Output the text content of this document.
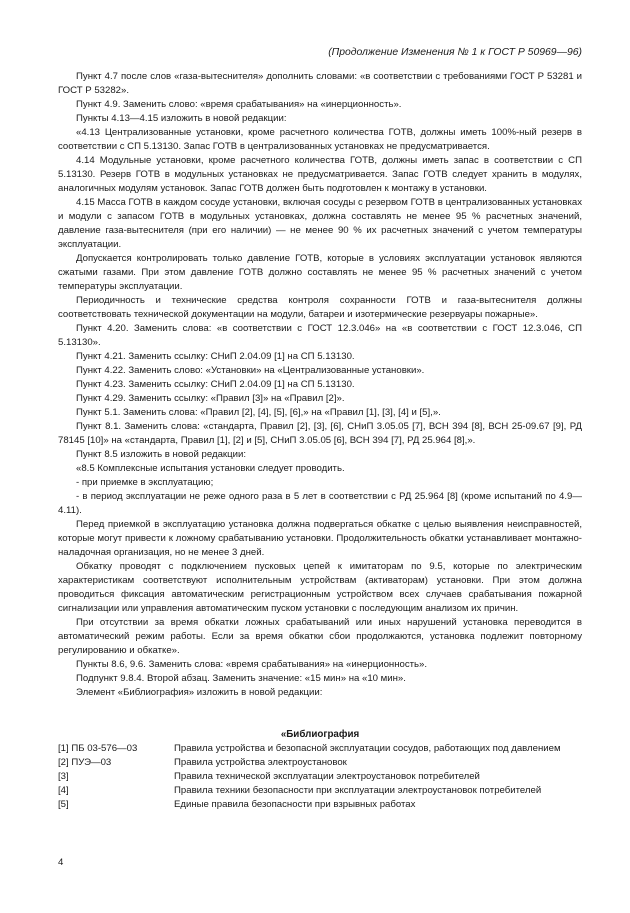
(Продолжение Изменения № 1 к ГОСТ Р 50969—96)

Пункт 4.7 после слов «газа-вытеснителя» дополнить словами: «в соответствии с требованиями ГОСТ Р 53281 и ГОСТ Р 53282».

Пункт 4.9. Заменить слово: «время срабатывания» на «инерционность».

Пункты 4.13—4.15 изложить в новой редакции:

«4.13 Централизованные установки, кроме расчетного количества ГОТВ, должны иметь 100%-ный резерв в соответствии с СП 5.13130. Запас ГОТВ в централизованных установках не предусматривается.

4.14 Модульные установки, кроме расчетного количества ГОТВ, должны иметь запас в соответствии с СП 5.13130. Резерв ГОТВ в модульных установках не предусматривается. Запас ГОТВ следует хранить в модулях, аналогичных модулям установок. Запас ГОТВ должен быть подготовлен к монтажу в установки.

4.15 Масса ГОТВ в каждом сосуде установки, включая сосуды с резервом ГОТВ в централизованных установках и модули с запасом ГОТВ в модульных установках, должна составлять не менее 95 % расчетных значений, давление газа-вытеснителя (при его наличии) — не менее 90 % их расчетных значений с учетом температуры эксплуатации.

Допускается контролировать только давление ГОТВ, которые в условиях эксплуатации установок являются сжатыми газами. При этом давление ГОТВ должно составлять не менее 95 % расчетных значений с учетом температуры эксплуатации.

Периодичность и технические средства контроля сохранности ГОТВ и газа-вытеснителя должны соответствовать технической документации на модули, батареи и изотермические резервуары пожарные».

Пункт 4.20. Заменить слова: «в соответствии с ГОСТ 12.3.046» на «в соответствии с ГОСТ 12.3.046, СП 5.13130».

Пункт 4.21. Заменить ссылку: СНиП 2.04.09 [1] на СП 5.13130.

Пункт 4.22. Заменить слово: «Установки» на «Централизованные установки».

Пункт 4.23. Заменить ссылку: СНиП 2.04.09 [1] на СП 5.13130.

Пункт 4.29. Заменить ссылку: «Правил [3]» на «Правил [2]».

Пункт 5.1. Заменить слова: «Правил [2], [4], [5], [6],» на «Правил [1], [3], [4] и [5],».

Пункт 8.1. Заменить слова: «стандарта, Правил [2], [3], [6], СНиП 3.05.05 [7], ВСН 394 [8], ВСН 25-09.67 [9], РД 78145 [10]» на «стандарта, Правил [1], [2] и [5], СНиП 3.05.05 [6], ВСН 394 [7], РД 25.964 [8],».

Пункт 8.5 изложить в новой редакции:

«8.5 Комплексные испытания установки следует проводить.

- при приемке в эксплуатацию;

- в период эксплуатации не реже одного раза в 5 лет в соответствии с РД 25.964 [8] (кроме испытаний по 4.9—4.11).

Перед приемкой в эксплуатацию установка должна подвергаться обкатке с целью выявления неисправностей, которые могут привести к ложному срабатыванию установки. Продолжительность обкатки устанавливает монтажно-наладочная организация, но не менее 3 дней.

Обкатку проводят с подключением пусковых цепей к имитаторам по 9.5, которые по электрическим характеристикам соответствуют исполнительным устройствам (активаторам) установки. При этом должна проводиться фиксация автоматическим регистрационным устройством всех случаев срабатывания пожарной сигнализации или управления автоматическим пуском установки с последующим анализом их причин.

При отсутствии за время обкатки ложных срабатываний или иных нарушений установка переводится в автоматический режим работы. Если за время обкатки сбои продолжаются, установка подлежит повторному регулированию и обкатке».

Пункты 8.6, 9.6. Заменить слова: «время срабатывания» на «инерционность».

Подпункт 9.8.4. Второй абзац. Заменить значение: «15 мин» на «10 мин».

Элемент «Библиография» изложить в новой редакции:

«Библиография
[1] ПБ 03-576—03	Правила устройства и безопасной эксплуатации сосудов, работающих под давлением
[2] ПУЭ—03	Правила устройства электроустановок
[3]	Правила технической эксплуатации электроустановок потребителей
[4]	Правила техники безопасности при эксплуатации электроустановок потребителей
[5]	Единые правила безопасности при взрывных работах
4
